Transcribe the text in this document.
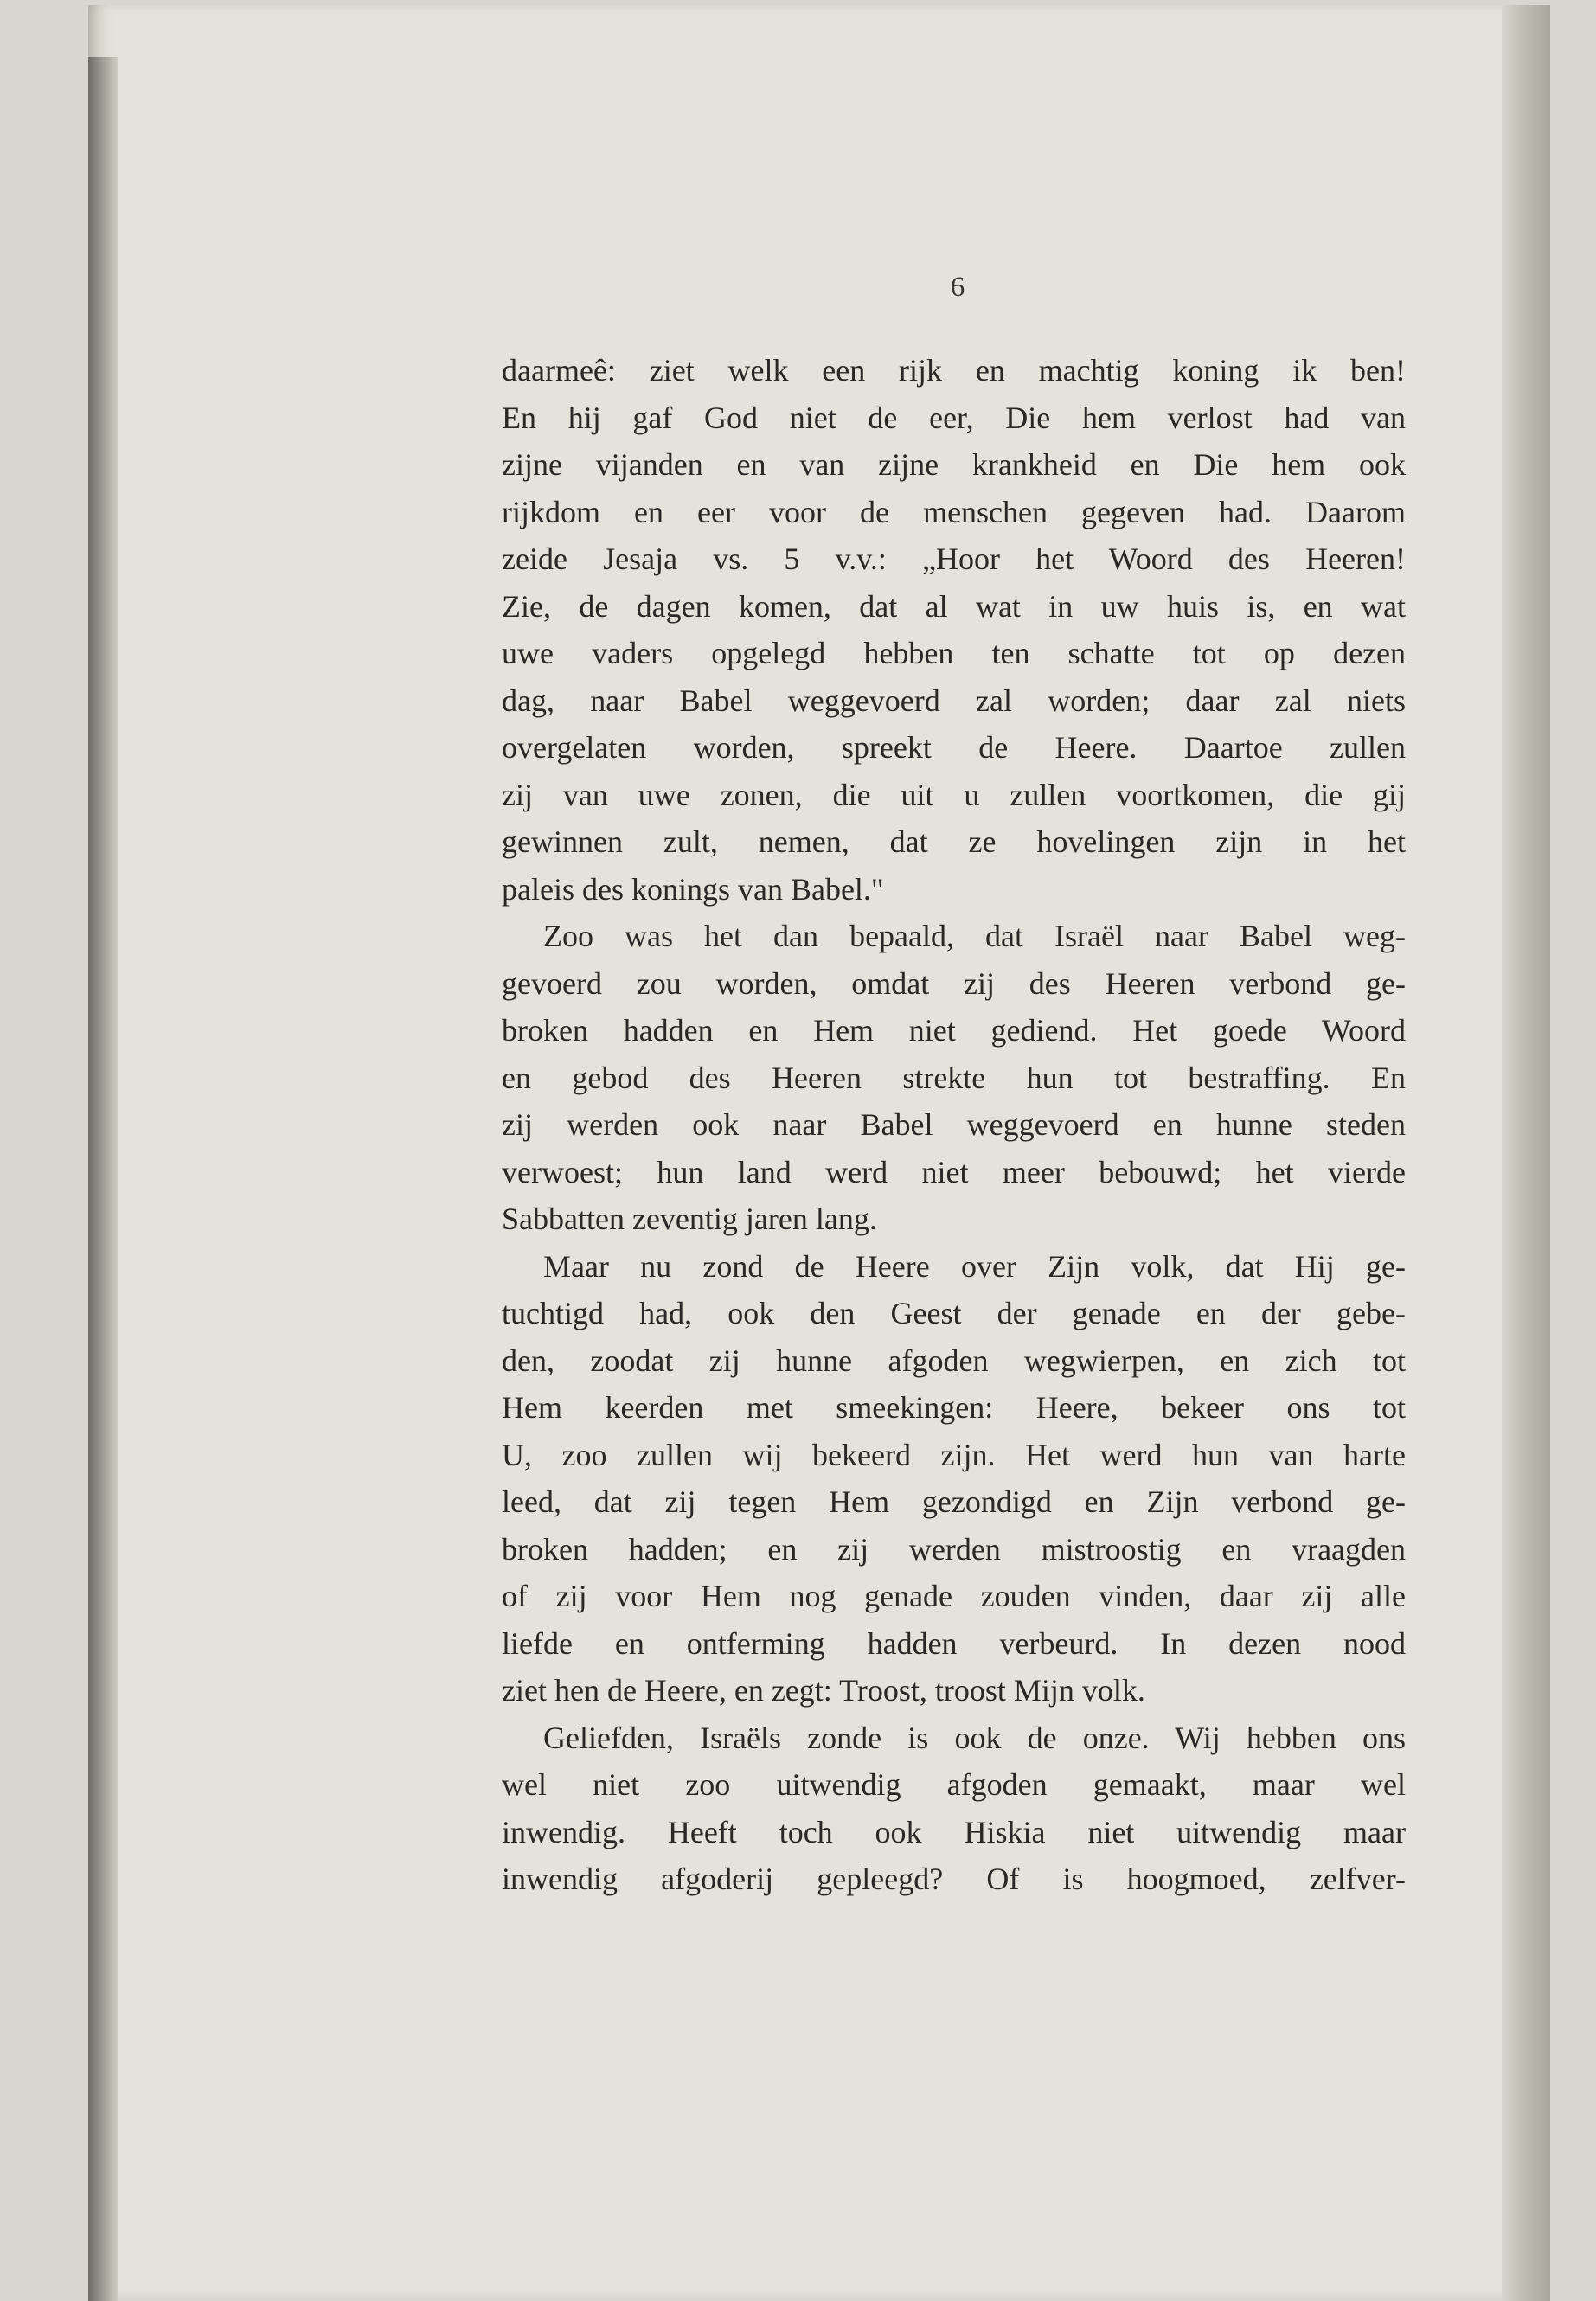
6
daarmeê: ziet welk een rijk en machtig koning ik ben!
En hij gaf God niet de eer, Die hem verlost had van
zijne vijanden en van zijne krankheid en Die hem ook
rijkdom en eer voor de menschen gegeven had. Daarom
zeide Jesaja vs. 5 v.v.: „Hoor het Woord des Heeren!
Zie, de dagen komen, dat al wat in uw huis is, en wat
uwe vaders opgelegd hebben ten schatte tot op dezen
dag, naar Babel weggevoerd zal worden; daar zal niets
overgelaten worden, spreekt de Heere. Daartoe zullen
zij van uwe zonen, die uit u zullen voortkomen, die gij
gewinnen zult, nemen, dat ze hovelingen zijn in het
paleis des konings van Babel."
Zoo was het dan bepaald, dat Israël naar Babel weg-
gevoerd zou worden, omdat zij des Heeren verbond ge-
broken hadden en Hem niet gediend. Het goede Woord
en gebod des Heeren strekte hun tot bestraffing. En
zij werden ook naar Babel weggevoerd en hunne steden
verwoest; hun land werd niet meer bebouwd; het vierde
Sabbatten zeventig jaren lang.
Maar nu zond de Heere over Zijn volk, dat Hij ge-
tuchtigd had, ook den Geest der genade en der gebe-
den, zoodat zij hunne afgoden wegwierpen, en zich tot
Hem keerden met smeekingen: Heere, bekeer ons tot
U, zoo zullen wij bekeerd zijn. Het werd hun van harte
leed, dat zij tegen Hem gezondigd en Zijn verbond ge-
broken hadden; en zij werden mistroostig en vraagden
of zij voor Hem nog genade zouden vinden, daar zij alle
liefde en ontferming hadden verbeurd. In dezen nood
ziet hen de Heere, en zegt: Troost, troost Mijn volk.
Geliefden, Israëls zonde is ook de onze. Wij hebben ons
wel niet zoo uitwendig afgoden gemaakt, maar wel
inwendig. Heeft toch ook Hiskia niet uitwendig maar
inwendig afgoderij gepleegd? Of is hoogmoed, zelfver-
